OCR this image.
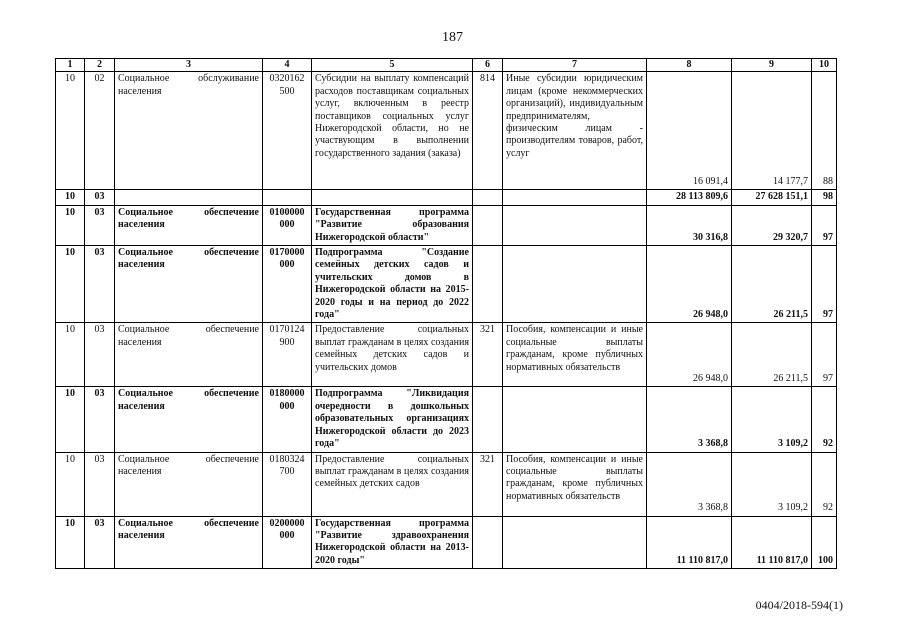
187
1	2	3	4	5	6	7	8	9	10
10	02	Социальное обслуживание населения	0320162 500	Субсидии на выплату компенсаций расходов поставщикам социальных услуг, включенным в реестр поставщиков социальных услуг Нижегородской области, но не участвующим в выполнении государственного задания (заказа)	814	Иные субсидии юридическим лицам (кроме некоммерческих организаций), индивидуальным предпринимателям, физическим лицам - производителям товаров, работ, услуг	16 091,4	14 177,7	88
10	03						28 113 809,6	27 628 151,1	98
10	03	Социальное обеспечение населения	0100000 000	Государственная программа "Развитие образования Нижегородской области"			30 316,8	29 320,7	97
10	03	Социальное обеспечение населения	0170000 000	Подпрограмма "Создание семейных детских садов и учительских домов в Нижегородской области на 2015-2020 годы и на период до 2022 года"			26 948,0	26 211,5	97
10	03	Социальное обеспечение населения	0170124 900	Предоставление социальных выплат гражданам в целях создания семейных детских садов и учительских домов	321	Пособия, компенсации и иные социальные выплаты гражданам, кроме публичных нормативных обязательств	26 948,0	26 211,5	97
10	03	Социальное обеспечение населения	0180000 000	Подпрограмма "Ликвидация очередности в дошкольных образовательных организациях Нижегородской области до 2023 года"			3 368,8	3 109,2	92
10	03	Социальное обеспечение населения	0180324 700	Предоставление социальных выплат гражданам в целях создания семейных детских садов	321	Пособия, компенсации и иные социальные выплаты гражданам, кроме публичных нормативных обязательств	3 368,8	3 109,2	92
10	03	Социальное обеспечение населения	0200000 000	Государственная программа "Развитие здравоохранения Нижегородской области на 2013-2020 годы"			11 110 817,0	11 110 817,0	100
0404/2018-594(1)
